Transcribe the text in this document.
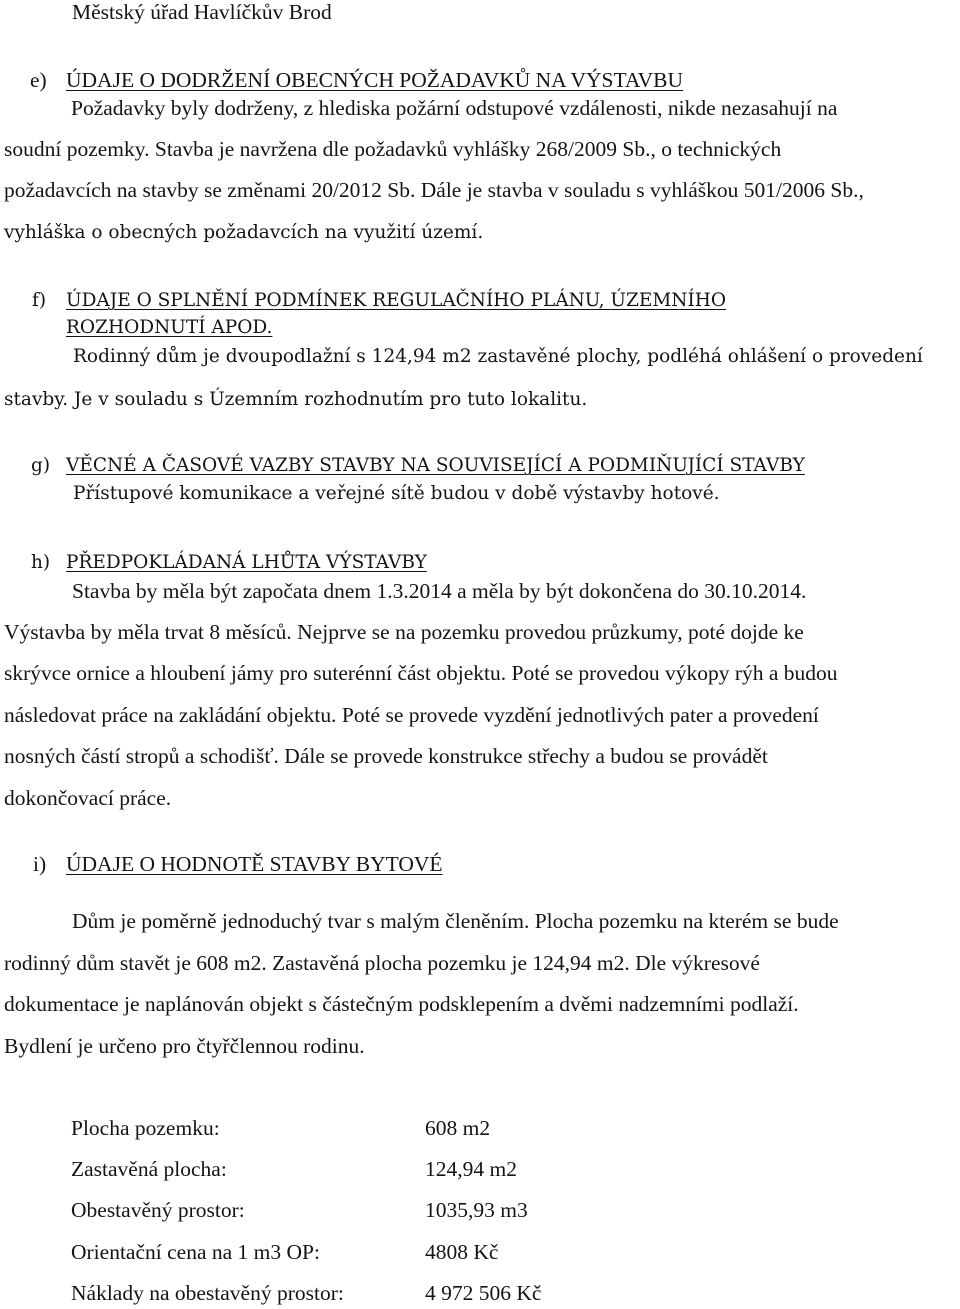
Městský úřad Havlíčkův Brod
e) ÚDAJE O DODRŽENÍ OBECNÝCH POŽADAVKŮ NA VÝSTAVBU
Požadavky byly dodrženy, z hlediska požární odstupové vzdálenosti, nikde nezasahují na
soudní pozemky. Stavba je navržena dle požadavků vyhlášky 268/2009 Sb., o technických
požadavcích na stavby se změnami 20/2012 Sb. Dále je stavba v souladu s vyhláškou 501/2006 Sb.,
vyhláška o obecných požadavcích na využití území.
f) ÚDAJE O SPLNĚNÍ PODMÍNEK REGULAČNÍHO PLÁNU, ÚZEMNÍHO
ROZHODNUTÍ APOD.
Rodinný dům je dvoupodlažní s 124,94 m2 zastavěné plochy, podléhá ohlášení o provedení
stavby. Je v souladu s Územním rozhodnutím pro tuto lokalitu.
g) VĚCNÉ A ČASOVÉ VAZBY STAVBY NA SOUVISEJÍCÍ A PODMIŇUJÍCÍ STAVBY
Přístupové komunikace a veřejné sítě budou v době výstavby hotové.
h) PŘEDPOKLÁDANÁ LHŮTA VÝSTAVBY
Stavba by měla být započata dnem 1.3.2014 a měla by být dokončena do 30.10.2014.
Výstavba by měla trvat 8 měsíců. Nejprve se na pozemku provedou průzkumy, poté dojde ke
skrývce ornice a hloubení jámy pro suterénní část objektu. Poté se provedou výkopy rýh a budou
následovat práce na zakládání objektu. Poté se provede vyzdění jednotlivých pater a provedení
nosných částí stropů a schodišť. Dále se provede konstrukce střechy a budou se provádět
dokončovací práce.
i) ÚDAJE O HODNOTĚ STAVBY BYTOVÉ
Dům je poměrně jednoduchý tvar s malým členěním. Plocha pozemku na kterém se bude
rodinný dům stavět je 608 m2. Zastavěná plocha pozemku je 124,94 m2. Dle výkresové
dokumentace je naplánován objekt s částečným podsklepením a dvěmi nadzemními podlaží.
Bydlení je určeno pro čtyřčlennou rodinu.
Plocha pozemku:	608 m2
Zastavěná plocha:	124,94 m2
Obestavěný prostor:	1035,93 m3
Orientační cena na 1 m3 OP:	4808 Kč
Náklady na obestavěný prostor:	4 972 506 Kč
